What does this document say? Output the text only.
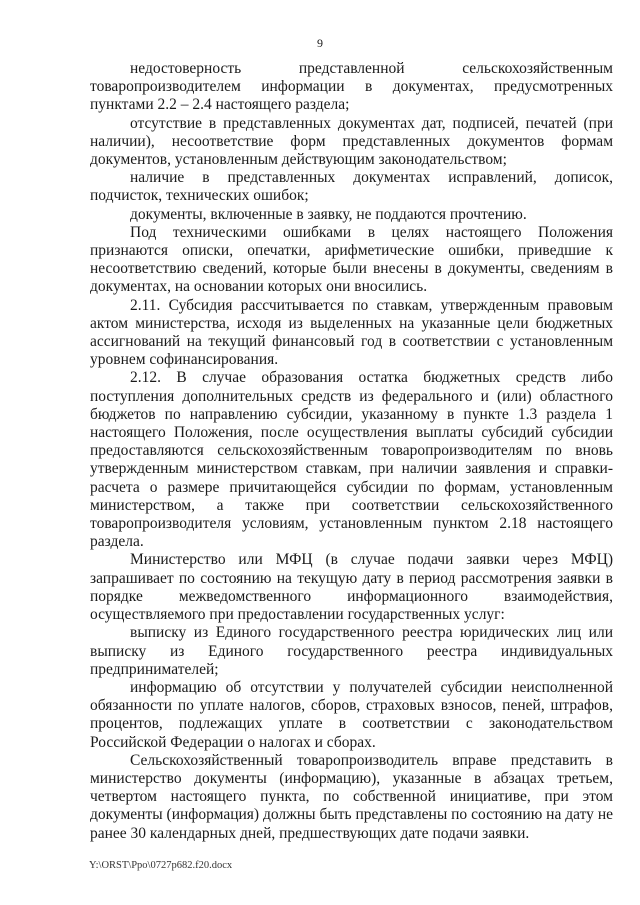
9

недостоверность представленной сельскохозяйственным товаропроизводителем информации в документах, предусмотренных пунктами 2.2 – 2.4 настоящего раздела;

отсутствие в представленных документах дат, подписей, печатей (при наличии), несоответствие форм представленных документов формам документов, установленным действующим законодательством;

наличие в представленных документах исправлений, дописок, подчисток, технических ошибок;

документы, включенные в заявку, не поддаются прочтению.

Под техническими ошибками в целях настоящего Положения признаются описки, опечатки, арифметические ошибки, приведшие к несоответствию сведений, которые были внесены в документы, сведениям в документах, на основании которых они вносились.

2.11. Субсидия рассчитывается по ставкам, утвержденным правовым актом министерства, исходя из выделенных на указанные цели бюджетных ассигнований на текущий финансовый год в соответствии с установленным уровнем софинансирования.

2.12. В случае образования остатка бюджетных средств либо поступления дополнительных средств из федерального и (или) областного бюджетов по направлению субсидии, указанному в пункте 1.3 раздела 1 настоящего Положения, после осуществления выплаты субсидий субсидии предоставляются сельскохозяйственным товаропроизводителям по вновь утвержденным министерством ставкам, при наличии заявления и справки-расчета о размере причитающейся субсидии по формам, установленным министерством, а также при соответствии сельскохозяйственного товаропроизводителя условиям, установленным пунктом 2.18 настоящего раздела.

Министерство или МФЦ (в случае подачи заявки через МФЦ) запрашивает по состоянию на текущую дату в период рассмотрения заявки в порядке межведомственного информационного взаимодействия, осуществляемого при предоставлении государственных услуг:

выписку из Единого государственного реестра юридических лиц или выписку из Единого государственного реестра индивидуальных предпринимателей;

информацию об отсутствии у получателей субсидии неисполненной обязанности по уплате налогов, сборов, страховых взносов, пеней, штрафов, процентов, подлежащих уплате в соответствии с законодательством Российской Федерации о налогах и сборах.

Сельскохозяйственный товаропроизводитель вправе представить в министерство документы (информацию), указанные в абзацах третьем, четвертом настоящего пункта, по собственной инициативе, при этом документы (информация) должны быть представлены по состоянию на дату не ранее 30 календарных дней, предшествующих дате подачи заявки.

Y:\ORST\Ppo\0727p682.f20.docx
